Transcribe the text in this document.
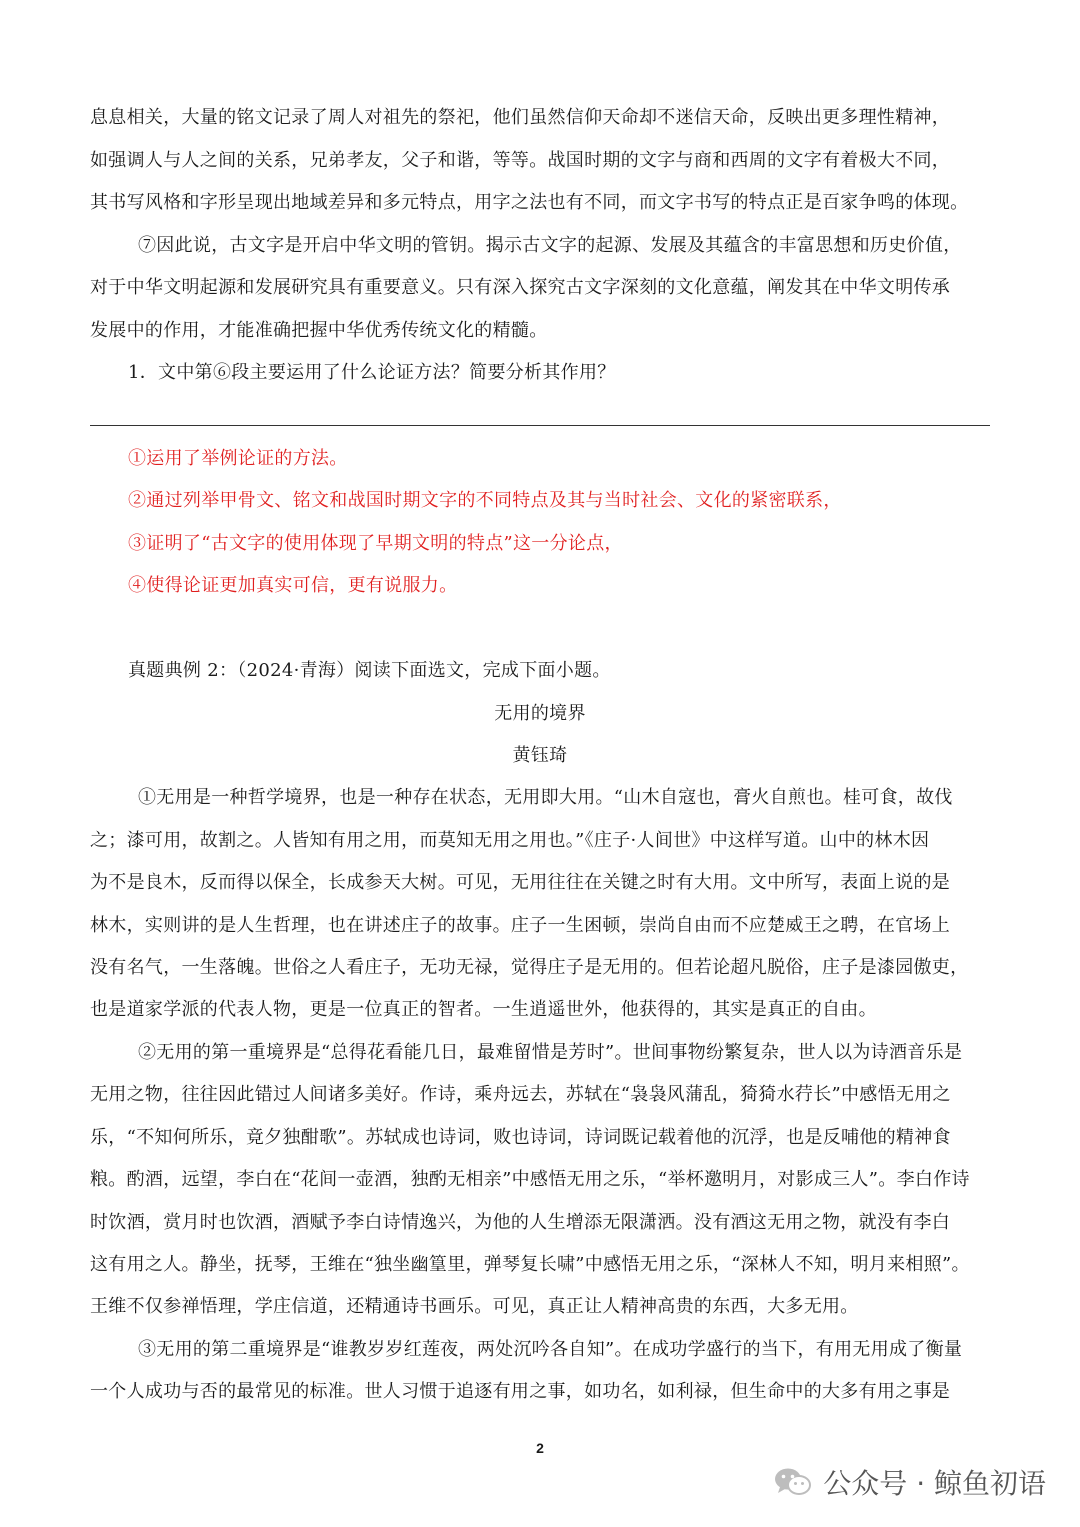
息息相关，大量的铭文记录了周人对祖先的祭祀，他们虽然信仰天命却不迷信天命，反映出更多理性精神，
如强调人与人之间的关系，兄弟孝友，父子和谐，等等。战国时期的文字与商和西周的文字有着极大不同，
其书写风格和字形呈现出地域差异和多元特点，用字之法也有不同，而文字书写的特点正是百家争鸣的体现。
⑦因此说，古文字是开启中华文明的管钥。揭示古文字的起源、发展及其蕴含的丰富思想和历史价值，
对于中华文明起源和发展研究具有重要意义。只有深入探究古文字深刻的文化意蕴，阐发其在中华文明传承
发展中的作用，才能准确把握中华优秀传统文化的精髓。
1．文中第⑥段主要运用了什么论证方法？简要分析其作用？
①运用了举例论证的方法。
②通过列举甲骨文、铭文和战国时期文字的不同特点及其与当时社会、文化的紧密联系，
③证明了“古文字的使用体现了早期文明的特点”这一分论点，
④使得论证更加真实可信，更有说服力。
真题典例 2：（2024·青海）阅读下面选文，完成下面小题。
无用的境界
黄钰琦
①无用是一种哲学境界，也是一种存在状态，无用即大用。“山木自寇也，膏火自煎也。桂可食，故伐
之；漆可用，故割之。人皆知有用之用，而莫知无用之用也。”《庄子·人间世》中这样写道。山中的林木因
为不是良木，反而得以保全，长成参天大树。可见，无用往往在关键之时有大用。文中所写，表面上说的是
林木，实则讲的是人生哲理，也在讲述庄子的故事。庄子一生困顿，崇尚自由而不应楚威王之聘，在官场上
没有名气，一生落魄。世俗之人看庄子，无功无禄，觉得庄子是无用的。但若论超凡脱俗，庄子是漆园傲吏，
也是道家学派的代表人物，更是一位真正的智者。一生逍遥世外，他获得的，其实是真正的自由。
②无用的第一重境界是“总得花看能几日，最难留惜是芳时”。世间事物纷繁复杂，世人以为诗酒音乐是
无用之物，往往因此错过人间诸多美好。作诗，乘舟远去，苏轼在“袅袅风蒲乱，猗猗水荇长”中感悟无用之
乐，“不知何所乐，竟夕独酣歌”。苏轼成也诗词，败也诗词，诗词既记载着他的沉浮，也是反哺他的精神食
粮。酌酒，远望，李白在“花间一壶酒，独酌无相亲”中感悟无用之乐，“举杯邀明月，对影成三人”。李白作诗
时饮酒，赏月时也饮酒，酒赋予李白诗情逸兴，为他的人生增添无限潇洒。没有酒这无用之物，就没有李白
这有用之人。静坐，抚琴，王维在“独坐幽篁里，弹琴复长啸”中感悟无用之乐，“深林人不知，明月来相照”。
王维不仅参禅悟理，学庄信道，还精通诗书画乐。可见，真正让人精神高贵的东西，大多无用。
③无用的第二重境界是“谁教岁岁红莲夜，两处沉吟各自知”。在成功学盛行的当下，有用无用成了衡量
一个人成功与否的最常见的标准。世人习惯于追逐有用之事，如功名，如利禄，但生命中的大多有用之事是
2
公众号 · 鲸鱼初语
